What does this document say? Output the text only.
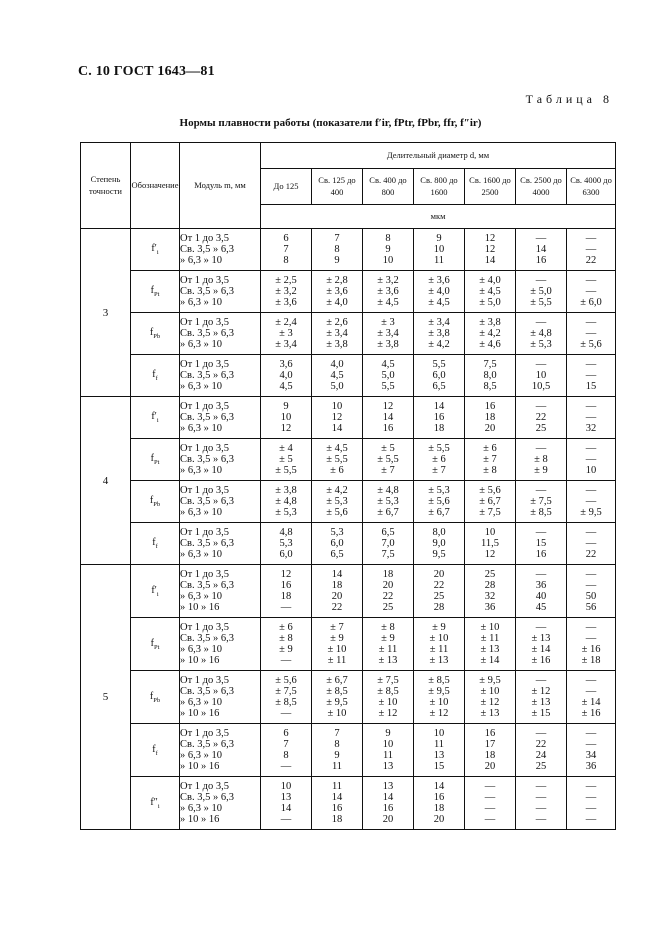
С. 10 ГОСТ 1643—81
Таблица 8
Нормы плавности работы (показатели f′ir, fPtr, fPbr, ffr, f″ir)
Степень точности	Обозначение	Модуль m, мм	Делительный диаметр d, мм						
			До 125	Св. 125 до 400	Св. 400 до 800	Св. 800 до 1600	Св. 1600 до 2500	Св. 2500 до 4000	Св. 4000 до 6300
			мкм						
3	$f'_i$	От 1 до 3,5
Св. 3,5 » 6,3
» 6,3 » 10	6
7
8	7
8
9	8
9
10	9
10
11	12
12
14	—
14
16	—
—
22

	$f_{Pt}$	От 1 до 3,5
Св. 3,5 » 6,3
» 6,3 » 10	± 2,5
± 3,2
± 3,6	± 2,8
± 3,6
± 4,0	± 3,2
± 3,6
± 4,5	± 3,6
± 4,0
± 4,5	± 4,0
± 4,5
± 5,0	—
± 5,0
± 5,5	—
—
± 6,0

	$f_{Pb}$	От 1 до 3,5
Св. 3,5 » 6,3
» 6,3 » 10	± 2,4
± 3
± 3,4	± 2,6
± 3,4
± 3,8	± 3
± 3,4
± 3,8	± 3,4
± 3,8
± 4,2	± 3,8
± 4,2
± 4,6	—
± 4,8
± 5,3	—
—
± 5,6

	$f_f$	От 1 до 3,5
Св. 3,5 » 6,3
» 6,3 » 10	3,6
4,0
4,5	4,0
4,5
5,0	4,5
5,0
5,5	5,5
6,0
6,5	7,5
8,0
8,5	—
10
10,5	—
—
15

4	$f'_i$	От 1 до 3,5
Св. 3,5 » 6,3
» 6,3 » 10	9
10
12	10
12
14	12
14
16	14
16
18	16
18
20	—
22
25	—
—
32

	$f_{Pt}$	От 1 до 3,5
Св. 3,5 » 6,3
» 6,3 » 10	± 4
± 5
± 5,5	± 4,5
± 5,5
± 6	± 5
± 5,5
± 7	± 5,5
± 6
± 7	± 6
± 7
± 8	—
± 8
± 9	—
—
10

	$f_{Pb}$	От 1 до 3,5
Св. 3,5 » 6,3
» 6,3 » 10	± 3,8
± 4,8
± 5,3	± 4,2
± 5,3
± 5,6	± 4,8
± 5,3
± 6,7	± 5,3
± 5,6
± 6,7	± 5,6
± 6,7
± 7,5	—
± 7,5
± 8,5	—
—
± 9,5

	$f_f$	От 1 до 3,5
Св. 3,5 » 6,3
» 6,3 » 10	4,8
5,3
6,0	5,3
6,0
6,5	6,5
7,0
7,5	8,0
9,0
9,5	10
11,5
12	—
15
16	—
—
22

5	$f'_i$	От 1 до 3,5
Св. 3,5 » 6,3
» 6,3 » 10
» 10 » 16	12
16
18
—	14
18
20
22	18
20
22
25	20
22
25
28	25
28
32
36	—
36
40
45	—
—
50
56

	$f_{Pt}$	От 1 до 3,5
Св. 3,5 » 6,3
» 6,3 » 10
» 10 » 16	± 6
± 8
± 9
—	± 7
± 9
± 10
± 11	± 8
± 9
± 11
± 13	± 9
± 10
± 11
± 13	± 10
± 11
± 13
± 14	—
± 13
± 14
± 16	—
—
± 16
± 18

	$f_{Pb}$	От 1 до 3,5
Св. 3,5 » 6,3
» 6,3 » 10
» 10 » 16	± 5,6
± 7,5
± 8,5
—	± 6,7
± 8,5
± 9,5
± 10	± 7,5
± 8,5
± 10
± 12	± 8,5
± 9,5
± 10
± 12	± 9,5
± 10
± 12
± 13	—
± 12
± 13
± 15	—
—
± 14
± 16

	$f_f$	От 1 до 3,5
Св. 3,5 » 6,3
» 6,3 » 10
» 10 » 16	6
7
8
—	7
8
9
11	9
10
11
13	10
11
13
15	16
17
18
20	—
22
24
25	—
—
34
36

	$f''_i$	От 1 до 3,5
Св. 3,5 » 6,3
» 6,3 » 10
» 10 » 16	10
13
14
—	11
14
16
18	13
14
16
20	14
16
18
20	—
—
—
—	—
—
—
—	—
—
—
—
